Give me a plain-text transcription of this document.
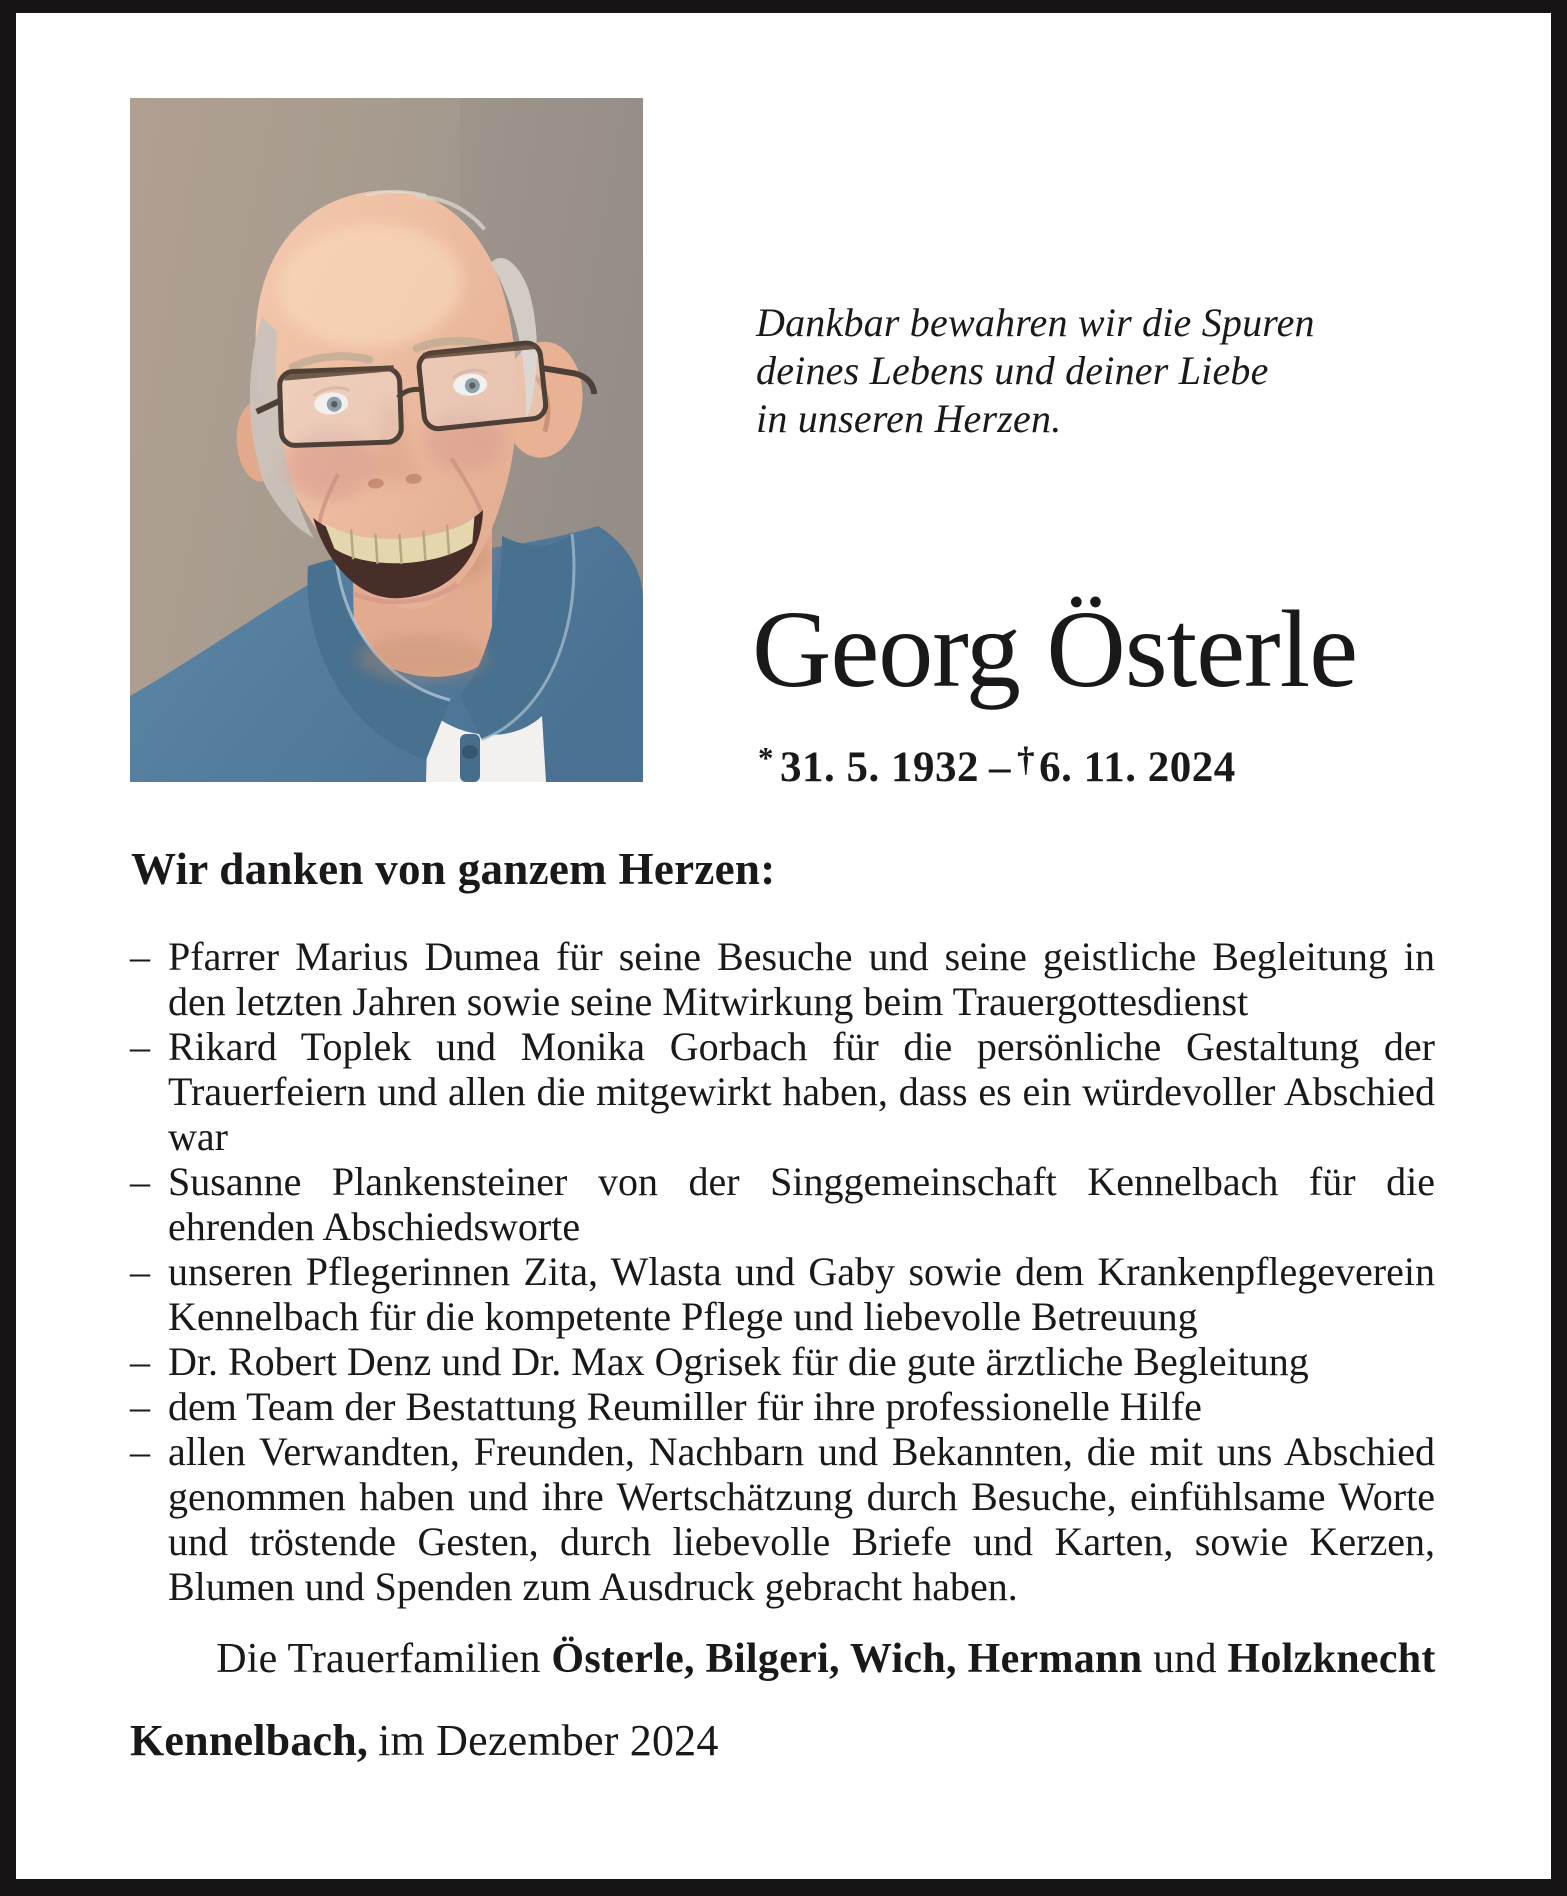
Dankbar bewahren wir die Spuren
deines Lebens und deiner Liebe
in unseren Herzen.
Georg Österle
* 31. 5. 1932 – †6. 11. 2024
Wir danken von ganzem Herzen:
– Pfarrer Marius Dumea für seine Besuche und seine geistliche Begleitung in den letzten Jahren sowie seine Mitwirkung beim Trauergottesdienst
– Rikard Toplek und Monika Gorbach für die persönliche Gestaltung der Trauerfeiern und allen die mitgewirkt haben, dass es ein würdevoller Abschied war
– Susanne Plankensteiner von der Singgemeinschaft Kennelbach für die ehrenden Abschiedsworte
– unseren Pflegerinnen Zita, Wlasta und Gaby sowie dem Krankenpflegeverein Kennelbach für die kompetente Pflege und liebevolle Betreuung
– Dr. Robert Denz und Dr. Max Ogrisek für die gute ärztliche Begleitung
– dem Team der Bestattung Reumiller für ihre professionelle Hilfe
– allen Verwandten, Freunden, Nachbarn und Bekannten, die mit uns Abschied genommen haben und ihre Wertschätzung durch Besuche, einfühlsame Worte und tröstende Gesten, durch liebevolle Briefe und Karten, sowie Kerzen, Blumen und Spenden zum Ausdruck gebracht haben.
Die Trauerfamilien Österle, Bilgeri, Wich, Hermann und Holzknecht
Kennelbach, im Dezember 2024
